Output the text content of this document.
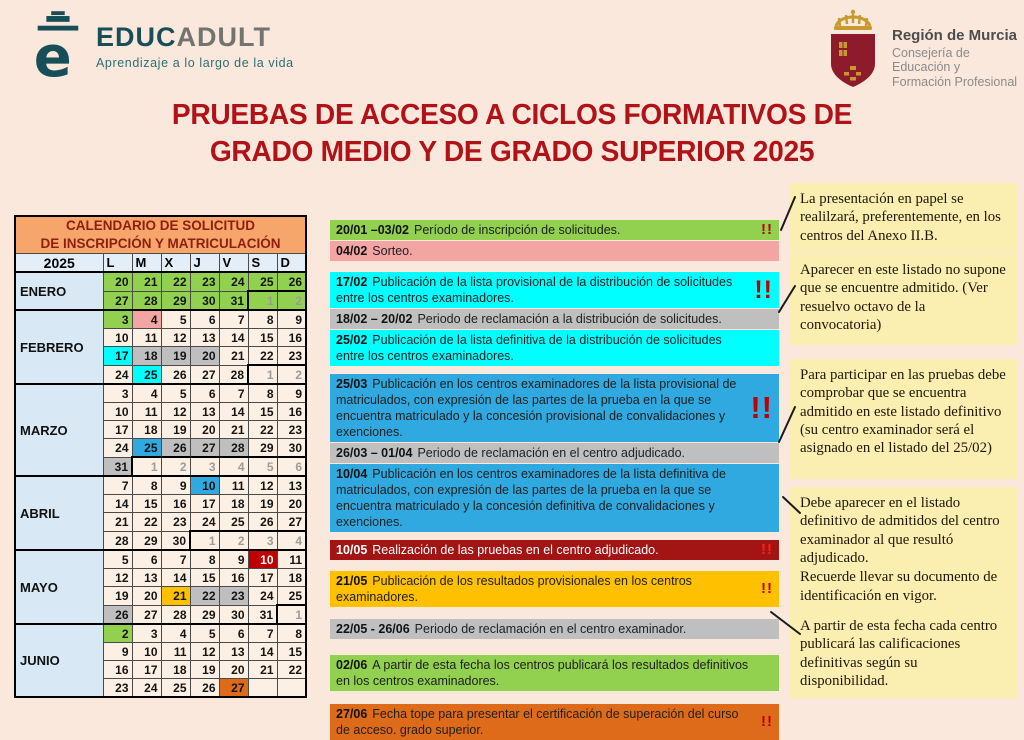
e EDUCADULT
Aprendizaje a lo largo de la vida
Región de Murcia
Consejería de Educación y
Formación Profesional
PRUEBAS DE ACCESO A CICLOS FORMATIVOS DE
GRADO MEDIO Y DE GRADO SUPERIOR 2025
CALENDARIO DE SOLICITUD
DE INSCRIPCIÓN Y MATRICULACIÓN							

2025	L	M	X	J	V	S	D
ENERO	20	21	22	23	24	25	26
	27	28	29	30	31	1	2
FEBRERO	3	4	5	6	7	8	9
	10	11	12	13	14	15	16
	17	18	19	20	21	22	23
	24	25	26	27	28	1	2
MARZO	3	4	5	6	7	8	9
	10	11	12	13	14	15	16
	17	18	19	20	21	22	23
	24	25	26	27	28	29	30
	31	1	2	3	4	5	6
ABRIL	7	8	9	10	11	12	13
	14	15	16	17	18	19	20
	21	22	23	24	25	26	27
	28	29	30	1	2	3	4
MAYO	5	6	7	8	9	10	11
	12	13	14	15	16	17	18
	19	20	21	22	23	24	25
	26	27	28	29	30	31	1
JUNIO	2	3	4	5	6	7	8
	9	10	11	12	13	14	15
	16	17	18	19	20	21	22
	23	24	25	26	27		
20/01 –03/02 Período de inscripción de solicitudes.	!!
04/02 Sorteo.
17/02 Publicación de la lista provisional de la distribución de solicitudes entre los centros examinadores.	!!
18/02 – 20/02 Periodo de reclamación a la distribución de solicitudes.
25/02 Publicación de la lista definitiva de la distribución de solicitudes entre los centros examinadores.
25/03 Publicación en los centros examinadores de la lista provisional de matriculados, con expresión de las partes de la prueba en la que se encuentra matriculado y la concesión provisional de convalidaciones y exenciones.
!!
26/03 – 01/04 Periodo de reclamación en el centro adjudicado.
10/04 Publicación en los centros examinadores de la lista definitiva de matriculados, con expresión de las partes de la prueba en la que se encuentra matriculado y la concesión definitiva de convalidaciones y exenciones.
10/05 Realización de las pruebas en el centro adjudicado.	!!
21/05 Publicación de los resultados provisionales en los centros examinadores.	!!
22/05 - 26/06 Periodo de reclamación en el centro examinador.
02/06 A partir de esta fecha los centros publicará los resultados definitivos en los centros examinadores.
27/06 Fecha tope para presentar el certificación de superación del curso de acceso. grado superior.	!!
La presentación en papel se realilzará, preferentemente, en los centros del Anexo II.B.
Aparecer en este listado no supone que se encuentre admitido. (Ver resuelvo octavo de la convocatoria)
Para participar en las pruebas debe comprobar que se encuentra admitido en este listado definitivo (su centro examinador será el asignado en el listado del 25/02)
Debe aparecer en el listado definitivo de admitidos del centro examinador al que resultó adjudicado.
Recuerde llevar su documento de identificación en vigor.
A partir de esta fecha cada centro publicará las calificaciones definitivas según su disponibilidad.
